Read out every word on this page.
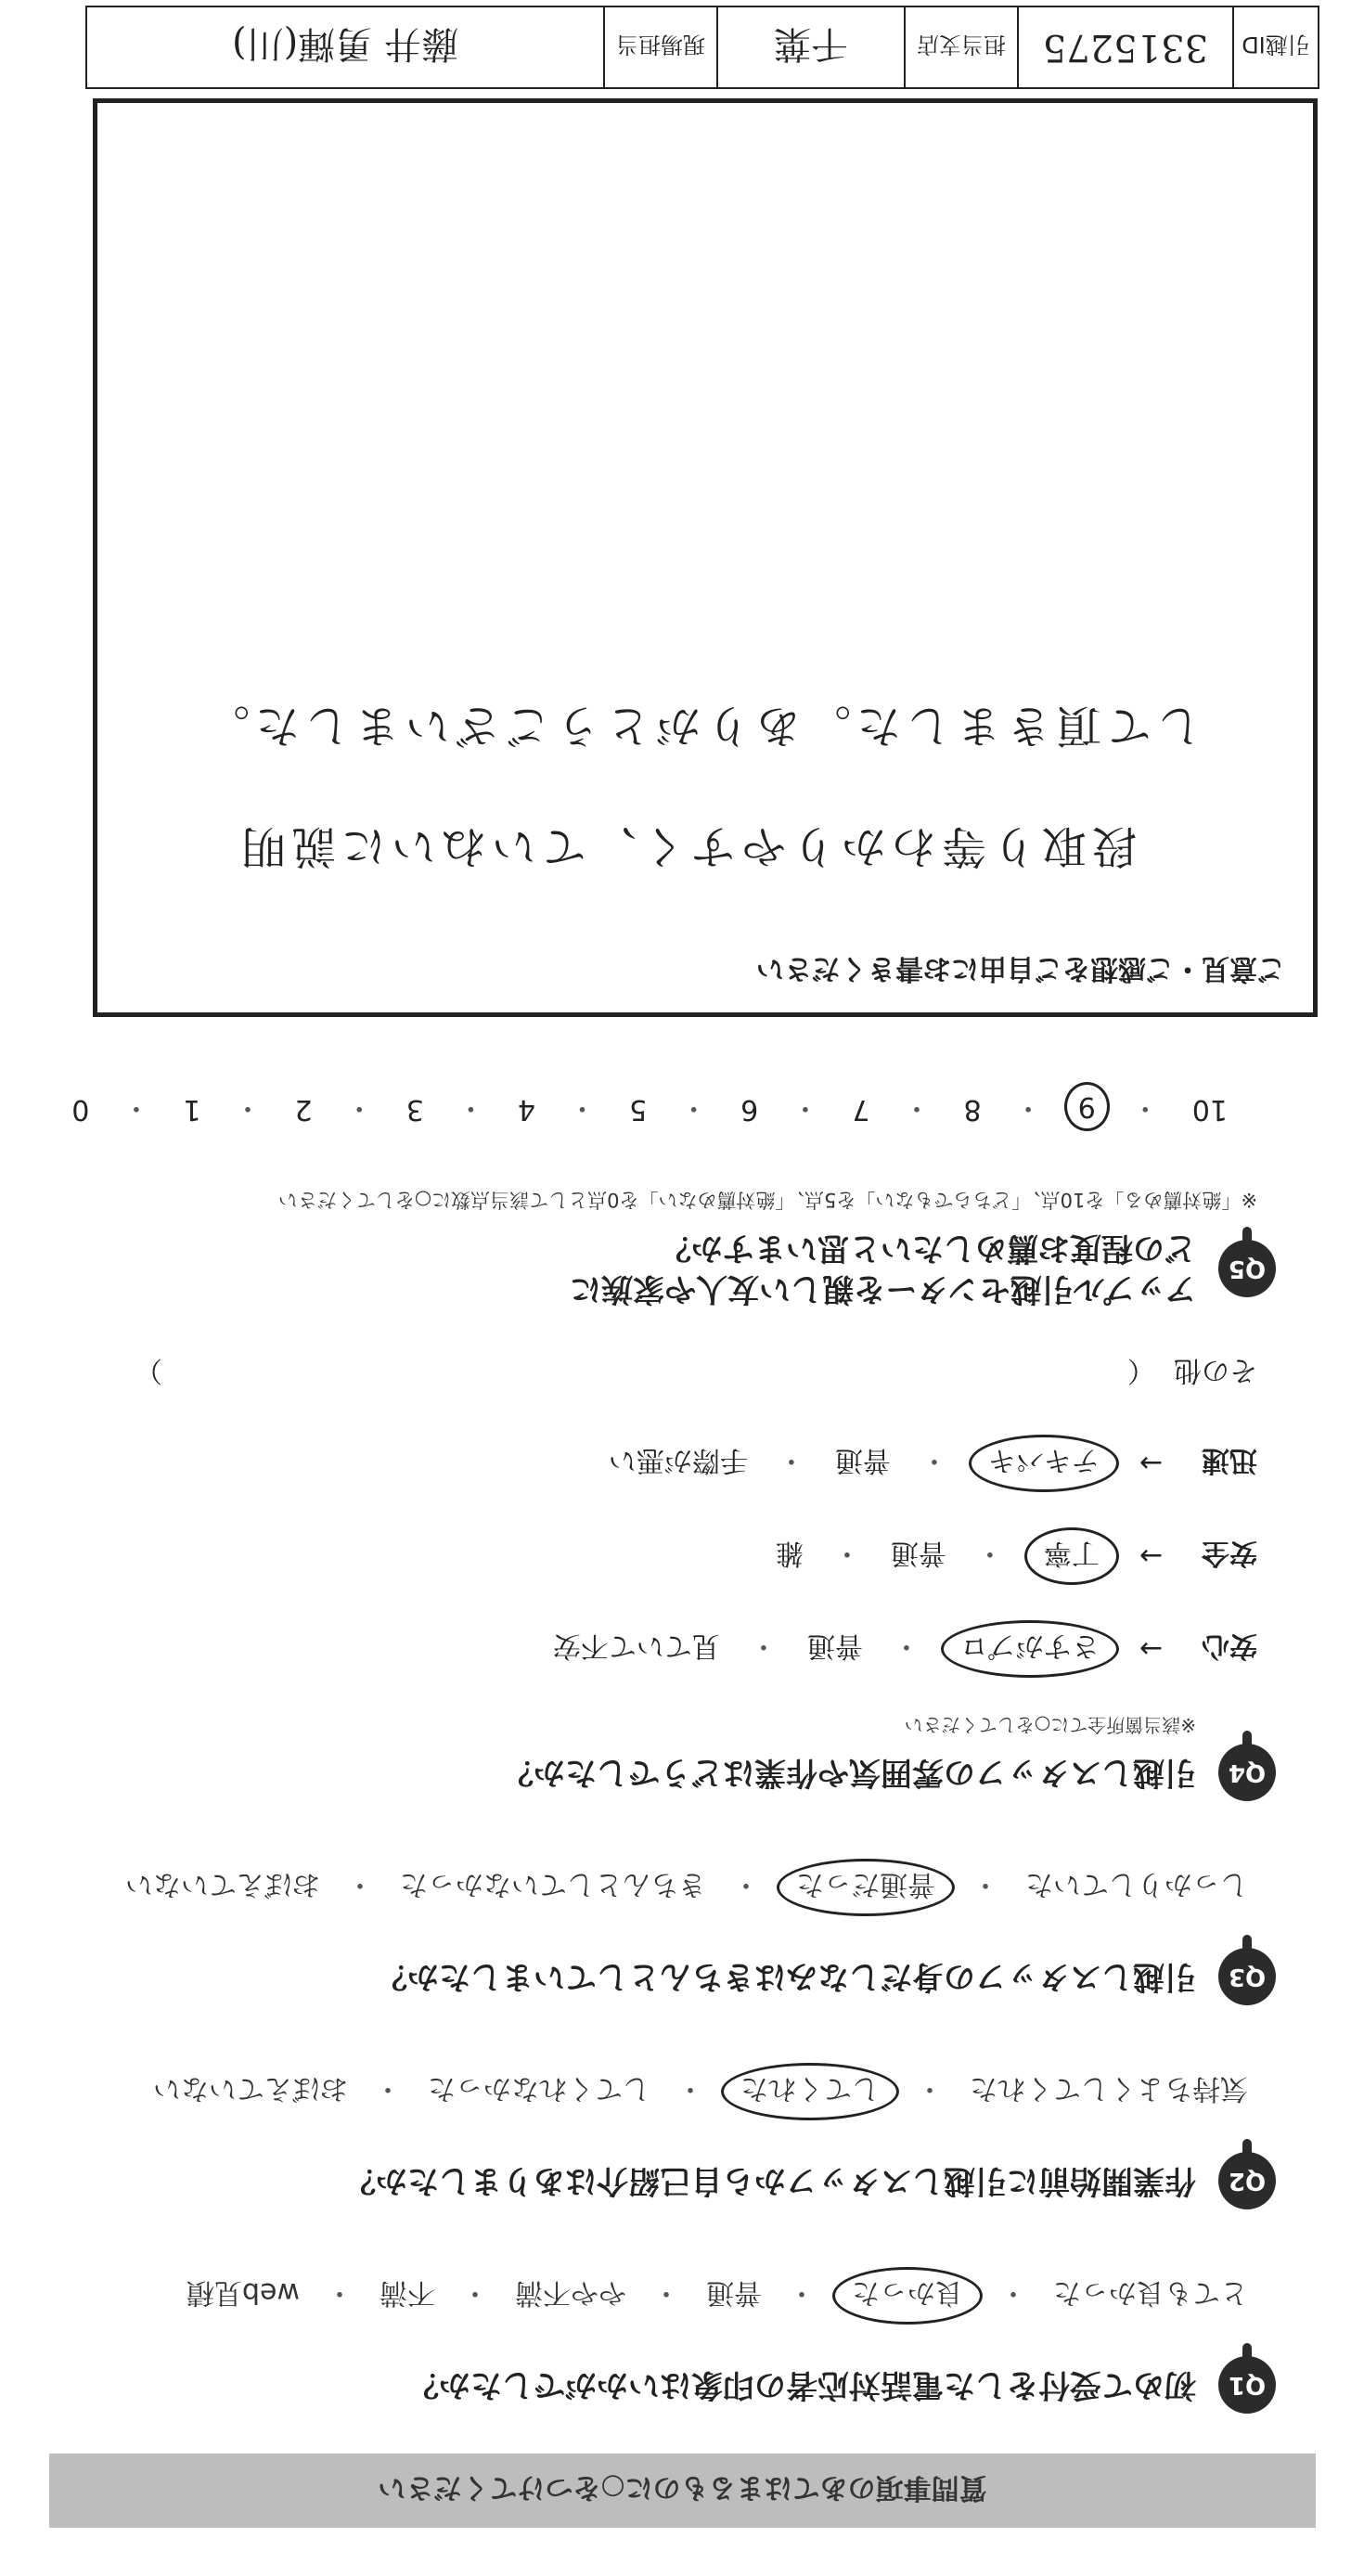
質問事項のあてはまるものに○をつけてください
Q1
初めて受付をした電話対応者の印象はいかがでしたか？
とても良かった
・
良かった
・
普通
・
やや不満
・
不満
・
web見積
Q2
作業開始前に引越しスタッフから自己紹介はありましたか？
気持ちよくしてくれた
・
してくれた
・
してくれなかった
・
おぼえていない
Q3
引越しスタッフの身だしなみはきちんとしていましたか？
しっかりしていた
・
普通だった
・
きちんとしていなかった
・
おぼえていない
Q4
引越しスタッフの雰囲気や作業はどうでしたか？
※該当箇所全てに○をしてください
安心
→
さすがプロ
・
普通
・
見ていて不安
安全
→
丁寧
・
普通
・
雑
迅速
→
テキパキ
・
普通
・
手際が悪い
その他
（
）
Q5
アップル引越センターを親しい友人や家族に
どの程度お薦めしたいと思いますか？
※「絶対薦める」を10点、「どちらでもない」を5点、「絶対薦めない」を0点として該当点数に○をしてください
10
・
9
・
8
・
7
・
6
・
5
・
4
・
3
・
2
・
1
・
0
ご意見・ご感想をご自由にお書きください
段取り等わかりやすく、ていねいに説明
して頂きました。ありがとうございました。
引越ID
3315275
担当支店
千葉
現場担当
藤井 勇輝(川)
